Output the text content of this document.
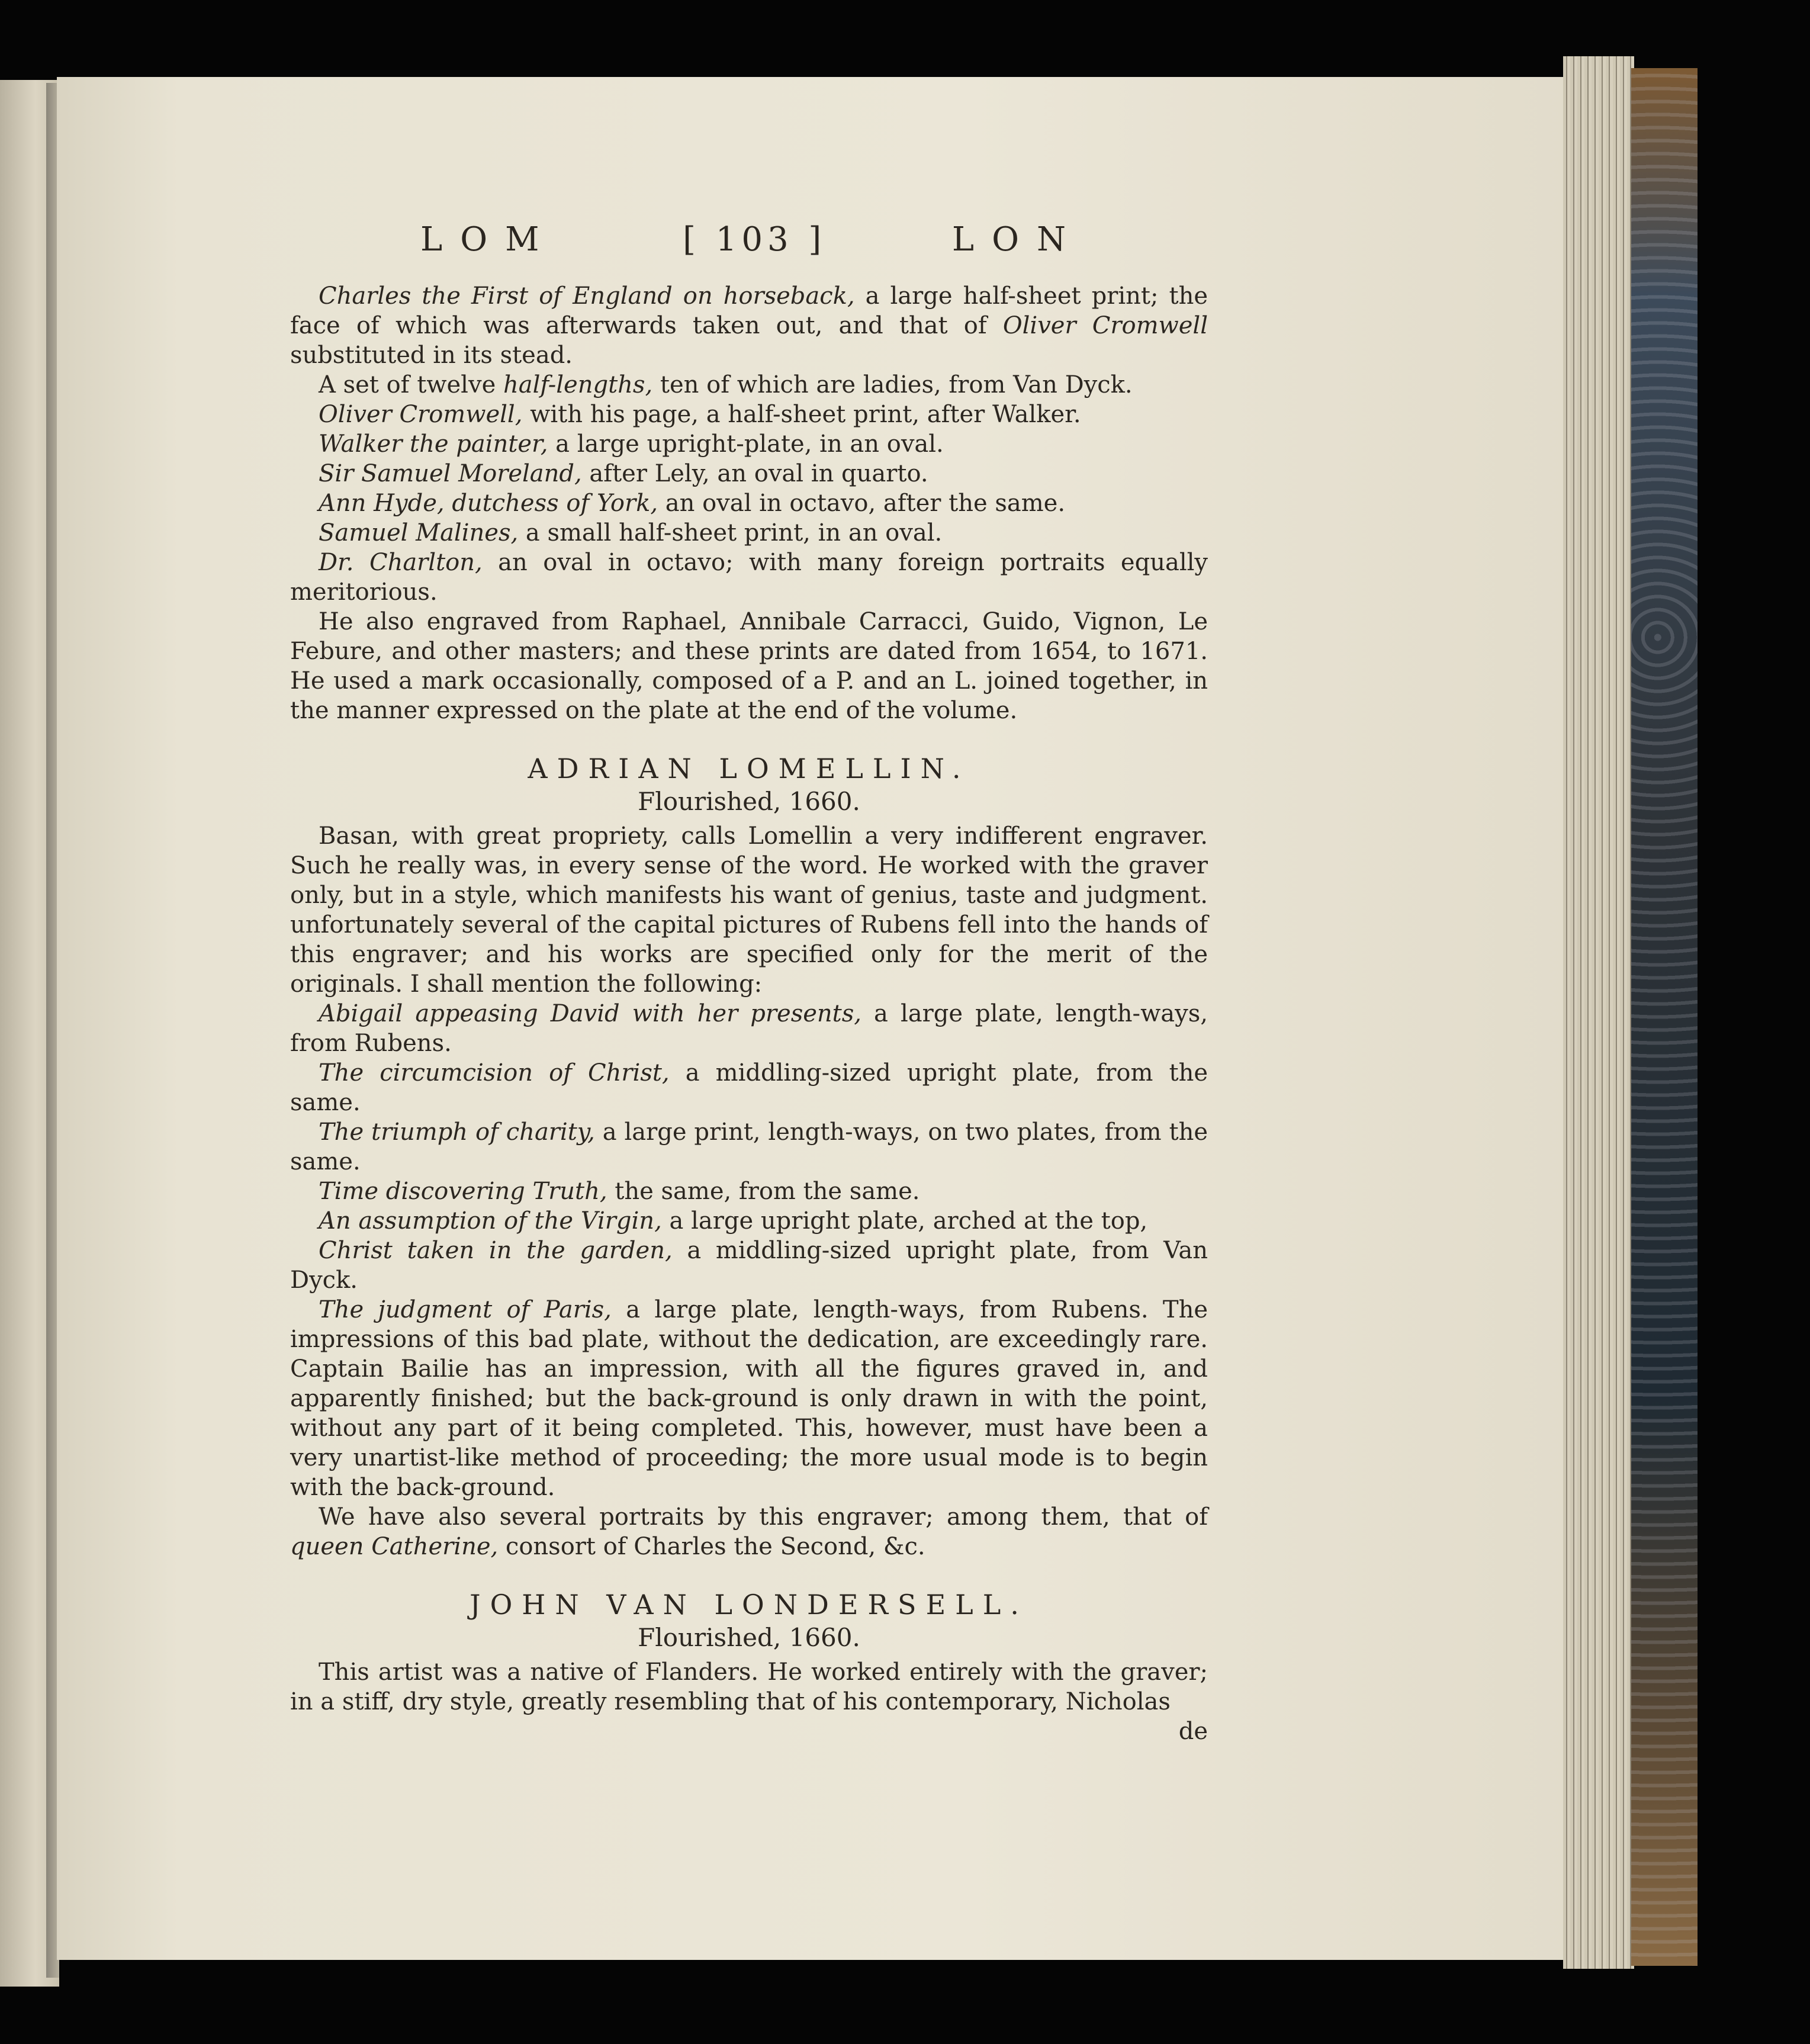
LOM	[ 103 ]	LON

Charles the First of England on horseback, a large half-sheet print; the face of which was afterwards taken out, and that of Oliver Cromwell substituted in its stead.

A set of twelve half-lengths, ten of which are ladies, from Van Dyck.

Oliver Cromwell, with his page, a half-sheet print, after Walker.

Walker the painter, a large upright-plate, in an oval.

Sir Samuel Moreland, after Lely, an oval in quarto.

Ann Hyde, dutchess of York, an oval in octavo, after the same.

Samuel Malines, a small half-sheet print, in an oval.

Dr. Charlton, an oval in octavo; with many foreign portraits equally meritorious.

He also engraved from Raphael, Annibale Carracci, Guido, Vignon, Le Febure, and other masters; and these prints are dated from 1654, to 1671. He used a mark occasionally, composed of a P. and an L. joined together, in the manner expressed on the plate at the end of the volume.

ADRIAN LOMELLIN.
Flourished, 1660.

Basan, with great propriety, calls Lomellin a very indifferent engraver. Such he really was, in every sense of the word. He worked with the graver only, but in a style, which manifests his want of genius, taste and judgment. unfortunately several of the capital pictures of Rubens fell into the hands of this engraver; and his works are specified only for the merit of the originals. I shall mention the following:

Abigail appeasing David with her presents, a large plate, length-ways, from Rubens.

The circumcision of Christ, a middling-sized upright plate, from the same.

The triumph of charity, a large print, length-ways, on two plates, from the same.

Time discovering Truth, the same, from the same.

An assumption of the Virgin, a large upright plate, arched at the top,

Christ taken in the garden, a middling-sized upright plate, from Van Dyck.

The judgment of Paris, a large plate, length-ways, from Rubens. The impressions of this bad plate, without the dedication, are exceedingly rare. Captain Bailie has an impression, with all the figures graved in, and apparently finished; but the back-ground is only drawn in with the point, without any part of it being completed. This, however, must have been a very unartist-like method of proceeding; the more usual mode is to begin with the back-ground.

We have also several portraits by this engraver; among them, that of queen Catherine, consort of Charles the Second, &c.

JOHN VAN LONDERSELL.
Flourished, 1660.

This artist was a native of Flanders. He worked entirely with the graver; in a stiff, dry style, greatly resembling that of his contemporary, Nicholas

de
